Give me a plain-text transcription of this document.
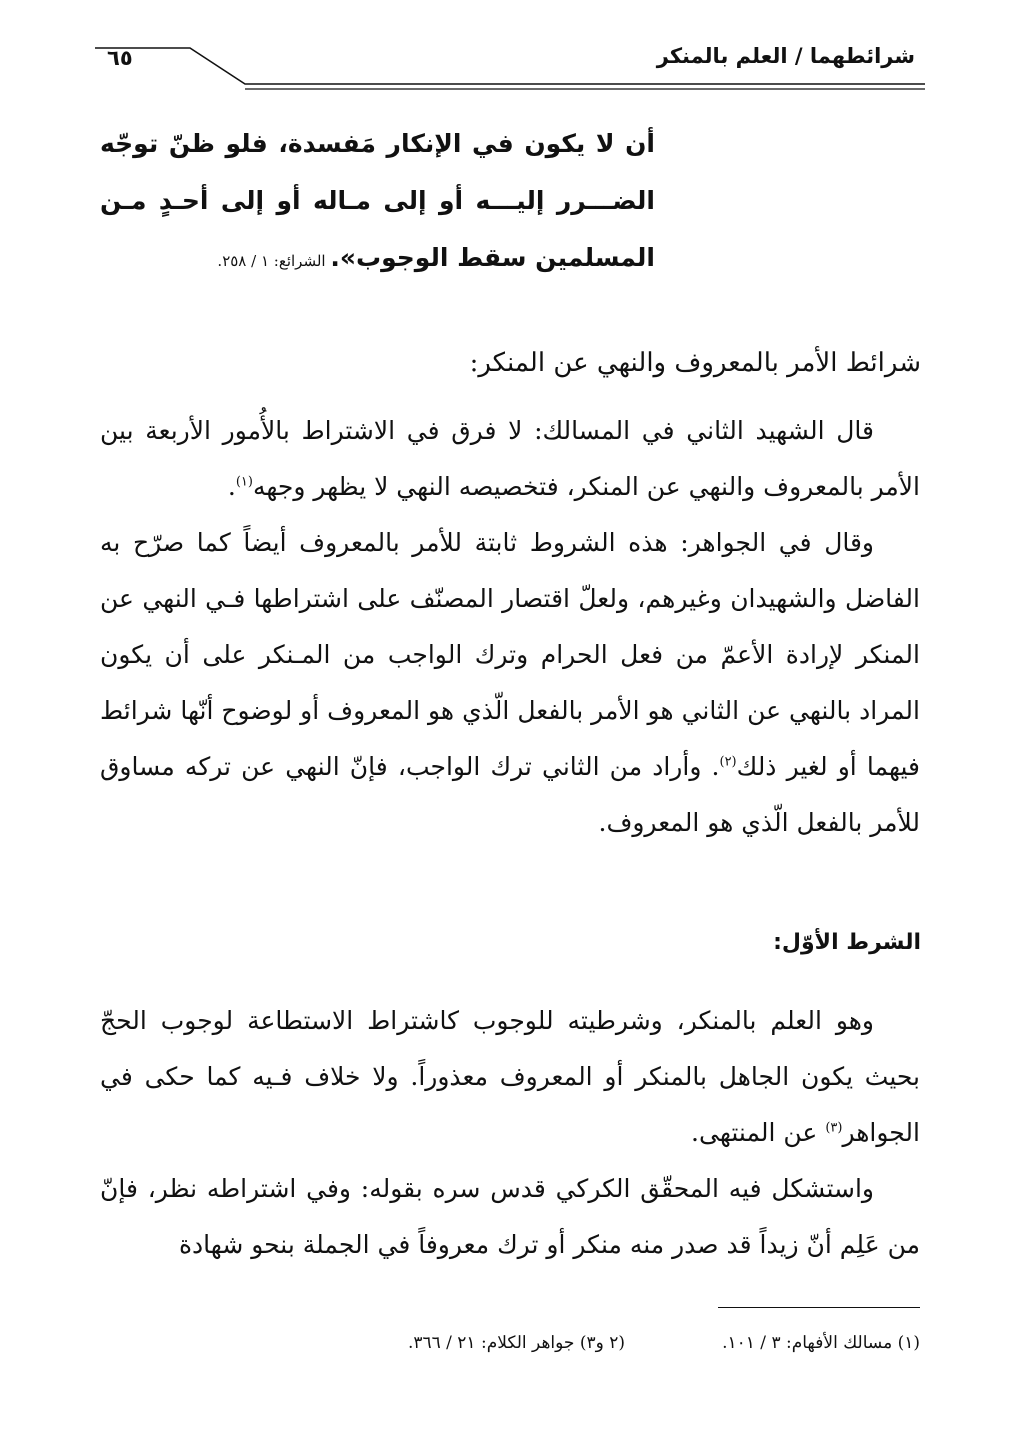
شرائطهما / العلم بالمنكر
٦٥
أن لا يكون في الإنكار مَفسدة، فلو ظنّ توجّه الضـــرر إليـــه أو إلى مـاله أو إلى أحـدٍ مـن المسلمين سقط الوجوب». الشرائع: ١ / ٢٥٨.
شرائط الأمر بالمعروف والنهي عن المنكر:

قال الشهيد الثاني في المسالك: لا فرق في الاشتراط بالأُمور الأربعة بين الأمر بالمعروف والنهي عن المنكر، فتخصيصه النهي لا يظهر وجهه$^{(١)}$.

وقال في الجواهر: هذه الشروط ثابتة للأمر بالمعروف أيضاً كما صرّح به الفاضل والشهيدان وغيرهم، ولعلّ اقتصار المصنّف على اشتراطها فـي النهي عن المنكر لإرادة الأعمّ من فعل الحرام وترك الواجب من المـنكر على أن يكون المراد بالنهي عن الثاني هو الأمر بالفعل الّذي هو المعروف أو لوضوح أنّها شرائط فيهما أو لغير ذلك$^{(٢)}$. وأراد من الثاني ترك الواجب، فإنّ النهي عن تركه مساوق للأمر بالفعل الّذي هو المعروف.

الشرط الأوّل:

وهو العلم بالمنكر، وشرطيته للوجوب كاشتراط الاستطاعة لوجوب الحجّ بحيث يكون الجاهل بالمنكر أو المعروف معذوراً. ولا خلاف فـيه كما حكى في الجواهر$^{(٣)}$ عن المنتهى.

واستشكل فيه المحقّق الكركي قدس سره بقوله: وفي اشتراطه نظر، فإنّ من عَلِم أنّ زيداً قد صدر منه منكر أو ترك معروفاً في الجملة بنحو شهادة

(١) مسالك الأفهام: ٣ / ١٠١.
(٢ و٣) جواهر الكلام: ٢١ / ٣٦٦.
